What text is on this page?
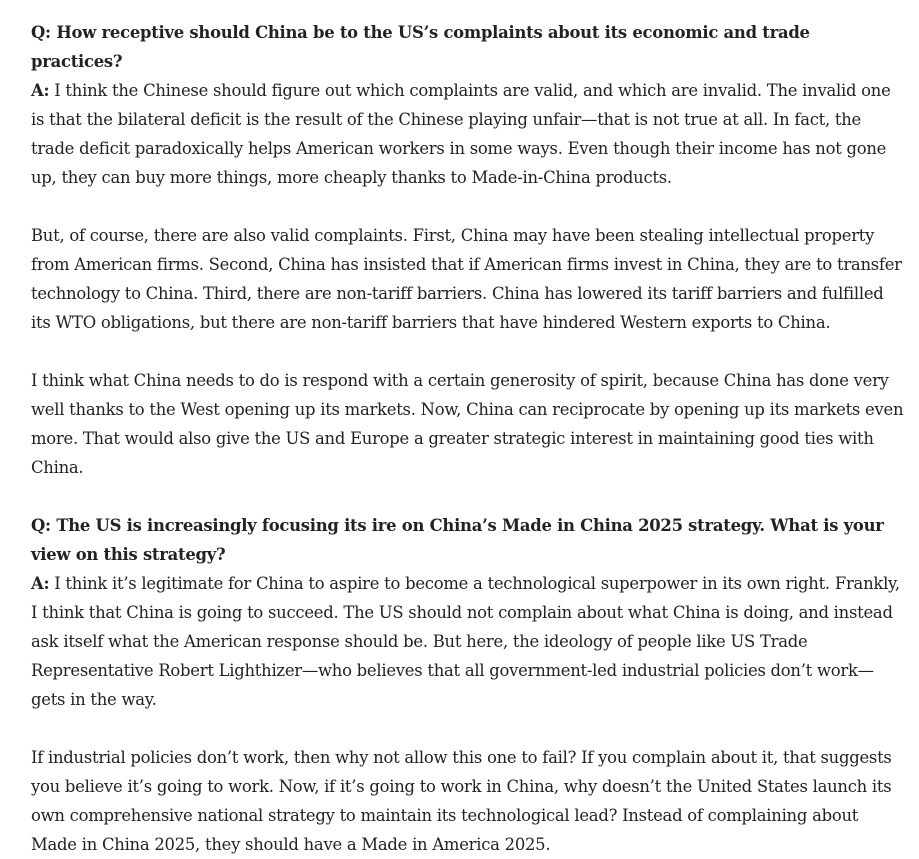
Q: How receptive should China be to the US’s complaints about its economic and trade practices?

A: I think the Chinese should figure out which complaints are valid, and which are invalid. The invalid one is that the bilateral deficit is the result of the Chinese playing unfair—that is not true at all. In fact, the trade deficit paradoxically helps American workers in some ways. Even though their income has not gone up, they can buy more things, more cheaply thanks to Made-in-China products.

But, of course, there are also valid complaints. First, China may have been stealing intellectual property from American firms. Second, China has insisted that if American firms invest in China, they are to transfer technology to China. Third, there are non-tariff barriers. China has lowered its tariff barriers and fulfilled its WTO obligations, but there are non-tariff barriers that have hindered Western exports to China.

I think what China needs to do is respond with a certain generosity of spirit, because China has done very well thanks to the West opening up its markets. Now, China can reciprocate by opening up its markets even more. That would also give the US and Europe a greater strategic interest in maintaining good ties with China.

Q: The US is increasingly focusing its ire on China’s Made in China 2025 strategy. What is your view on this strategy?

A: I think it’s legitimate for China to aspire to become a technological superpower in its own right. Frankly, I think that China is going to succeed. The US should not complain about what China is doing, and instead ask itself what the American response should be. But here, the ideology of people like US Trade Representative Robert Lighthizer—who believes that all government-led industrial policies don’t work—gets in the way.

If industrial policies don’t work, then why not allow this one to fail? If you complain about it, that suggests you believe it’s going to work. Now, if it’s going to work in China, why doesn’t the United States launch its own comprehensive national strategy to maintain its technological lead? Instead of complaining about Made in China 2025, they should have a Made in America 2025.
